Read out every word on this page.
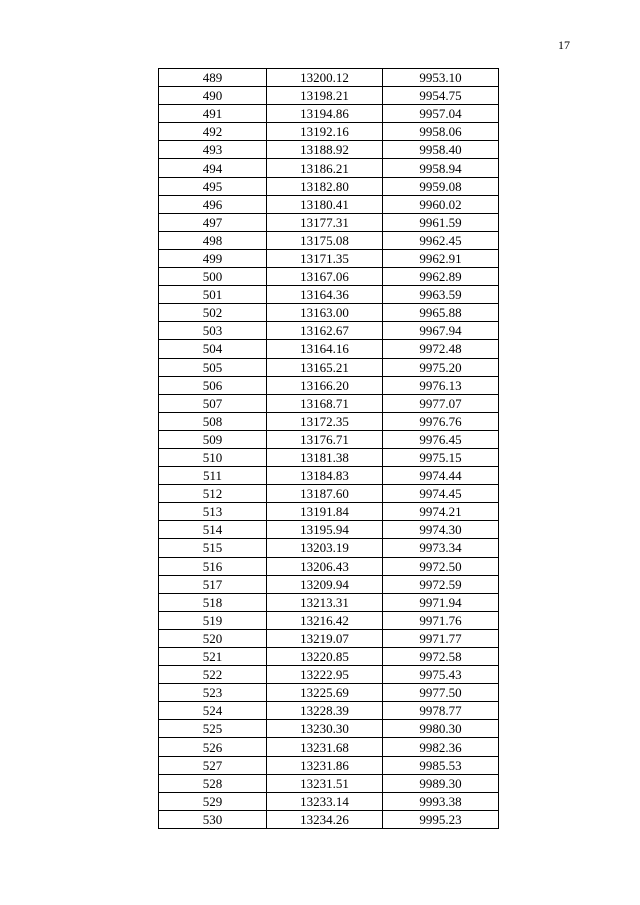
17
489	13200.12	9953.10
490	13198.21	9954.75
491	13194.86	9957.04
492	13192.16	9958.06
493	13188.92	9958.40
494	13186.21	9958.94
495	13182.80	9959.08
496	13180.41	9960.02
497	13177.31	9961.59
498	13175.08	9962.45
499	13171.35	9962.91
500	13167.06	9962.89
501	13164.36	9963.59
502	13163.00	9965.88
503	13162.67	9967.94
504	13164.16	9972.48
505	13165.21	9975.20
506	13166.20	9976.13
507	13168.71	9977.07
508	13172.35	9976.76
509	13176.71	9976.45
510	13181.38	9975.15
511	13184.83	9974.44
512	13187.60	9974.45
513	13191.84	9974.21
514	13195.94	9974.30
515	13203.19	9973.34
516	13206.43	9972.50
517	13209.94	9972.59
518	13213.31	9971.94
519	13216.42	9971.76
520	13219.07	9971.77
521	13220.85	9972.58
522	13222.95	9975.43
523	13225.69	9977.50
524	13228.39	9978.77
525	13230.30	9980.30
526	13231.68	9982.36
527	13231.86	9985.53
528	13231.51	9989.30
529	13233.14	9993.38
530	13234.26	9995.23
